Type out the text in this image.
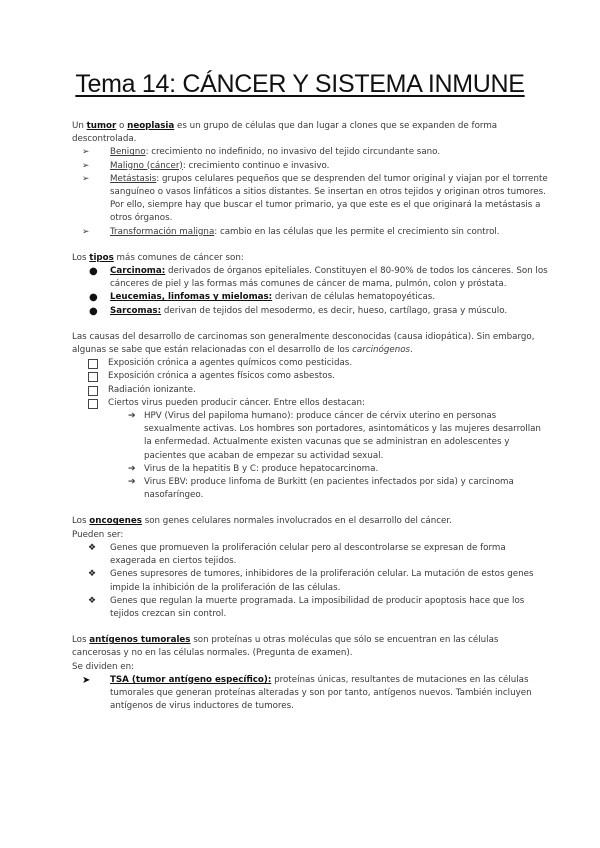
Tema 14: CÁNCER Y SISTEMA INMUNE

Un tumor o neoplasia es un grupo de células que dan lugar a clones que se expanden de forma descontrolada.

➢	Benigno: crecimiento no indefinido, no invasivo del tejido circundante sano.
➢	Maligno (cáncer): crecimiento continuo e invasivo.
➢	Metástasis: grupos celulares pequeños que se desprenden del tumor original y viajan por el torrente sanguíneo o vasos linfáticos a sitios distantes. Se insertan en otros tejidos y originan otros tumores. Por ello, siempre hay que buscar el tumor primario, ya que este es el que originará la metástasis a otros órganos.
➢	Transformación maligna: cambio en las células que les permite el crecimiento sin control.

Los tipos más comunes de cáncer son:

● Carcinoma: derivados de órganos epiteliales. Constituyen el 80-90% de todos los cánceres. Son los cánceres de piel y las formas más comunes de cáncer de mama, pulmón, colon y próstata.
● Leucemias, linfomas y mielomas: derivan de células hematopoyéticas.
● Sarcomas: derivan de tejidos del mesodermo, es decir, hueso, cartílago, grasa y músculo.

Las causas del desarrollo de carcinomas son generalmente desconocidas (causa idiopática). Sin embargo, algunas se sabe que están relacionadas con el desarrollo de los carcinógenos.

Exposición crónica a agentes químicos como pesticidas.
Exposición crónica a agentes físicos como asbestos.
Radiación ionizante.
Ciertos virus pueden producir cáncer. Entre ellos destacan:
➔ HPV (Virus del papiloma humano): produce cáncer de cérvix uterino en personas sexualmente activas. Los hombres son portadores, asintomáticos y las mujeres desarrollan la enfermedad. Actualmente existen vacunas que se administran en adolescentes y pacientes que acaban de empezar su actividad sexual.
➔ Virus de la hepatitis B y C: produce hepatocarcinoma.
➔ Virus EBV: produce linfoma de Burkitt (en pacientes infectados por sida) y carcinoma nasofaríngeo.

Los oncogenes son genes celulares normales involucrados en el desarrollo del cáncer.

Pueden ser:

❖ Genes que promueven la proliferación celular pero al descontrolarse se expresan de forma exagerada en ciertos tejidos.
❖ Genes supresores de tumores, inhibidores de la proliferación celular. La mutación de estos genes impide la inhibición de la proliferación de las células.
❖ Genes que regulan la muerte programada. La imposibilidad de producir apoptosis hace que los tejidos crezcan sin control.

Los antígenos tumorales son proteínas u otras moléculas que sólo se encuentran en las células cancerosas y no en las células normales. (Pregunta de examen).

Se dividen en:

➤ TSA (tumor antígeno específico): proteínas únicas, resultantes de mutaciones en las células tumorales que generan proteínas alteradas y son por tanto, antígenos nuevos. También incluyen antígenos de virus inductores de tumores.
